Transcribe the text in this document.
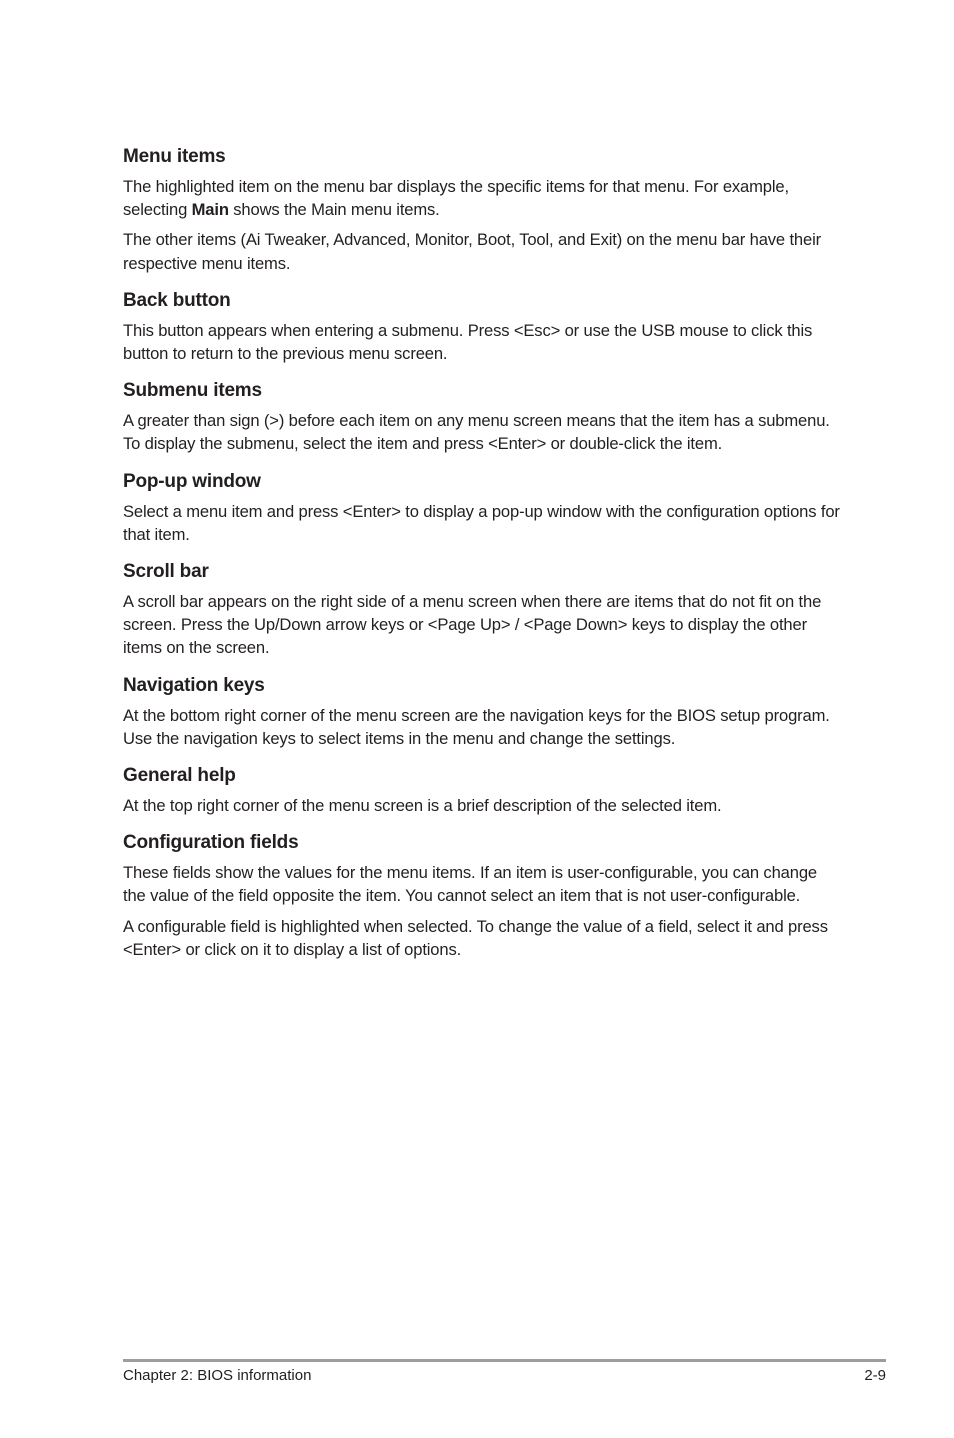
Menu items

The highlighted item on the menu bar displays the specific items for that menu. For example, selecting Main shows the Main menu items.

The other items (Ai Tweaker, Advanced, Monitor, Boot, Tool, and Exit) on the menu bar have their respective menu items.

Back button

This button appears when entering a submenu. Press <Esc> or use the USB mouse to click this button to return to the previous menu screen.

Submenu items

A greater than sign (>) before each item on any menu screen means that the item has a submenu. To display the submenu, select the item and press <Enter> or double-click the item.

Pop-up window

Select a menu item and press <Enter> to display a pop-up window with the configuration options for that item.

Scroll bar

A scroll bar appears on the right side of a menu screen when there are items that do not fit on the screen. Press the Up/Down arrow keys or <Page Up> / <Page Down> keys to display the other items on the screen.

Navigation keys

At the bottom right corner of the menu screen are the navigation keys for the BIOS setup program. Use the navigation keys to select items in the menu and change the settings.

General help

At the top right corner of the menu screen is a brief description of the selected item.

Configuration fields

These fields show the values for the menu items. If an item is user-configurable, you can change the value of the field opposite the item. You cannot select an item that is not user-configurable.

A configurable field is highlighted when selected. To change the value of a field, select it and press <Enter> or click on it to display a list of options.

Chapter 2: BIOS information	2-9
